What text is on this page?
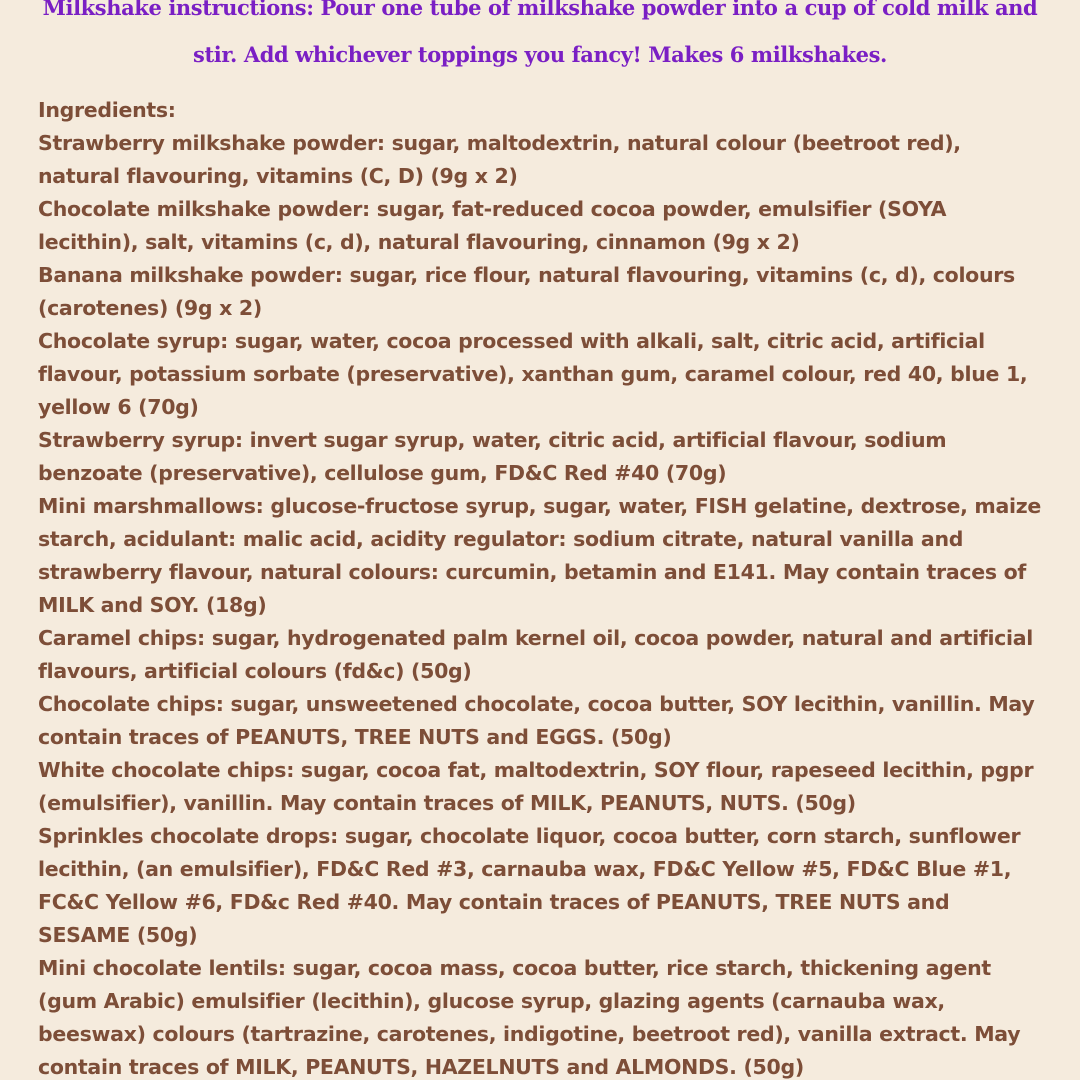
Milkshake instructions: Pour one tube of milkshake powder into a cup of cold milk and stir. Add whichever toppings you fancy! Makes 6 milkshakes.

Ingredients:

Strawberry milkshake powder: sugar, maltodextrin, natural colour (beetroot red), natural flavouring, vitamins (C, D) (9g x 2)

Chocolate milkshake powder: sugar, fat-reduced cocoa powder, emulsifier (SOYA lecithin), salt, vitamins (c, d), natural flavouring, cinnamon (9g x 2)

Banana milkshake powder: sugar, rice flour, natural flavouring, vitamins (c, d), colours (carotenes) (9g x 2)

Chocolate syrup: sugar, water, cocoa processed with alkali, salt, citric acid, artificial flavour, potassium sorbate (preservative), xanthan gum, caramel colour, red 40, blue 1, yellow 6 (70g)

Strawberry syrup: invert sugar syrup, water, citric acid, artificial flavour, sodium benzoate (preservative), cellulose gum, FD&C Red #40 (70g)

Mini marshmallows: glucose-fructose syrup, sugar, water, FISH gelatine, dextrose, maize starch, acidulant: malic acid, acidity regulator: sodium citrate, natural vanilla and strawberry flavour, natural colours: curcumin, betamin and E141. May contain traces of MILK and SOY. (18g)

Caramel chips: sugar, hydrogenated palm kernel oil, cocoa powder, natural and artificial flavours, artificial colours (fd&c) (50g)

Chocolate chips: sugar, unsweetened chocolate, cocoa butter, SOY lecithin, vanillin. May contain traces of PEANUTS, TREE NUTS and EGGS. (50g)

White chocolate chips: sugar, cocoa fat, maltodextrin, SOY flour, rapeseed lecithin, pgpr (emulsifier), vanillin. May contain traces of MILK, PEANUTS, NUTS. (50g)

Sprinkles chocolate drops: sugar, chocolate liquor, cocoa butter, corn starch, sunflower lecithin, (an emulsifier), FD&C Red #3, carnauba wax, FD&C Yellow #5, FD&C Blue #1, FC&C Yellow #6, FD&c Red #40. May contain traces of PEANUTS, TREE NUTS and SESAME (50g)

Mini chocolate lentils: sugar, cocoa mass, cocoa butter, rice starch, thickening agent (gum Arabic) emulsifier (lecithin), glucose syrup, glazing agents (carnauba wax, beeswax) colours (tartrazine, carotenes, indigotine, beetroot red), vanilla extract. May contain traces of MILK, PEANUTS, HAZELNUTS and ALMONDS. (50g)
